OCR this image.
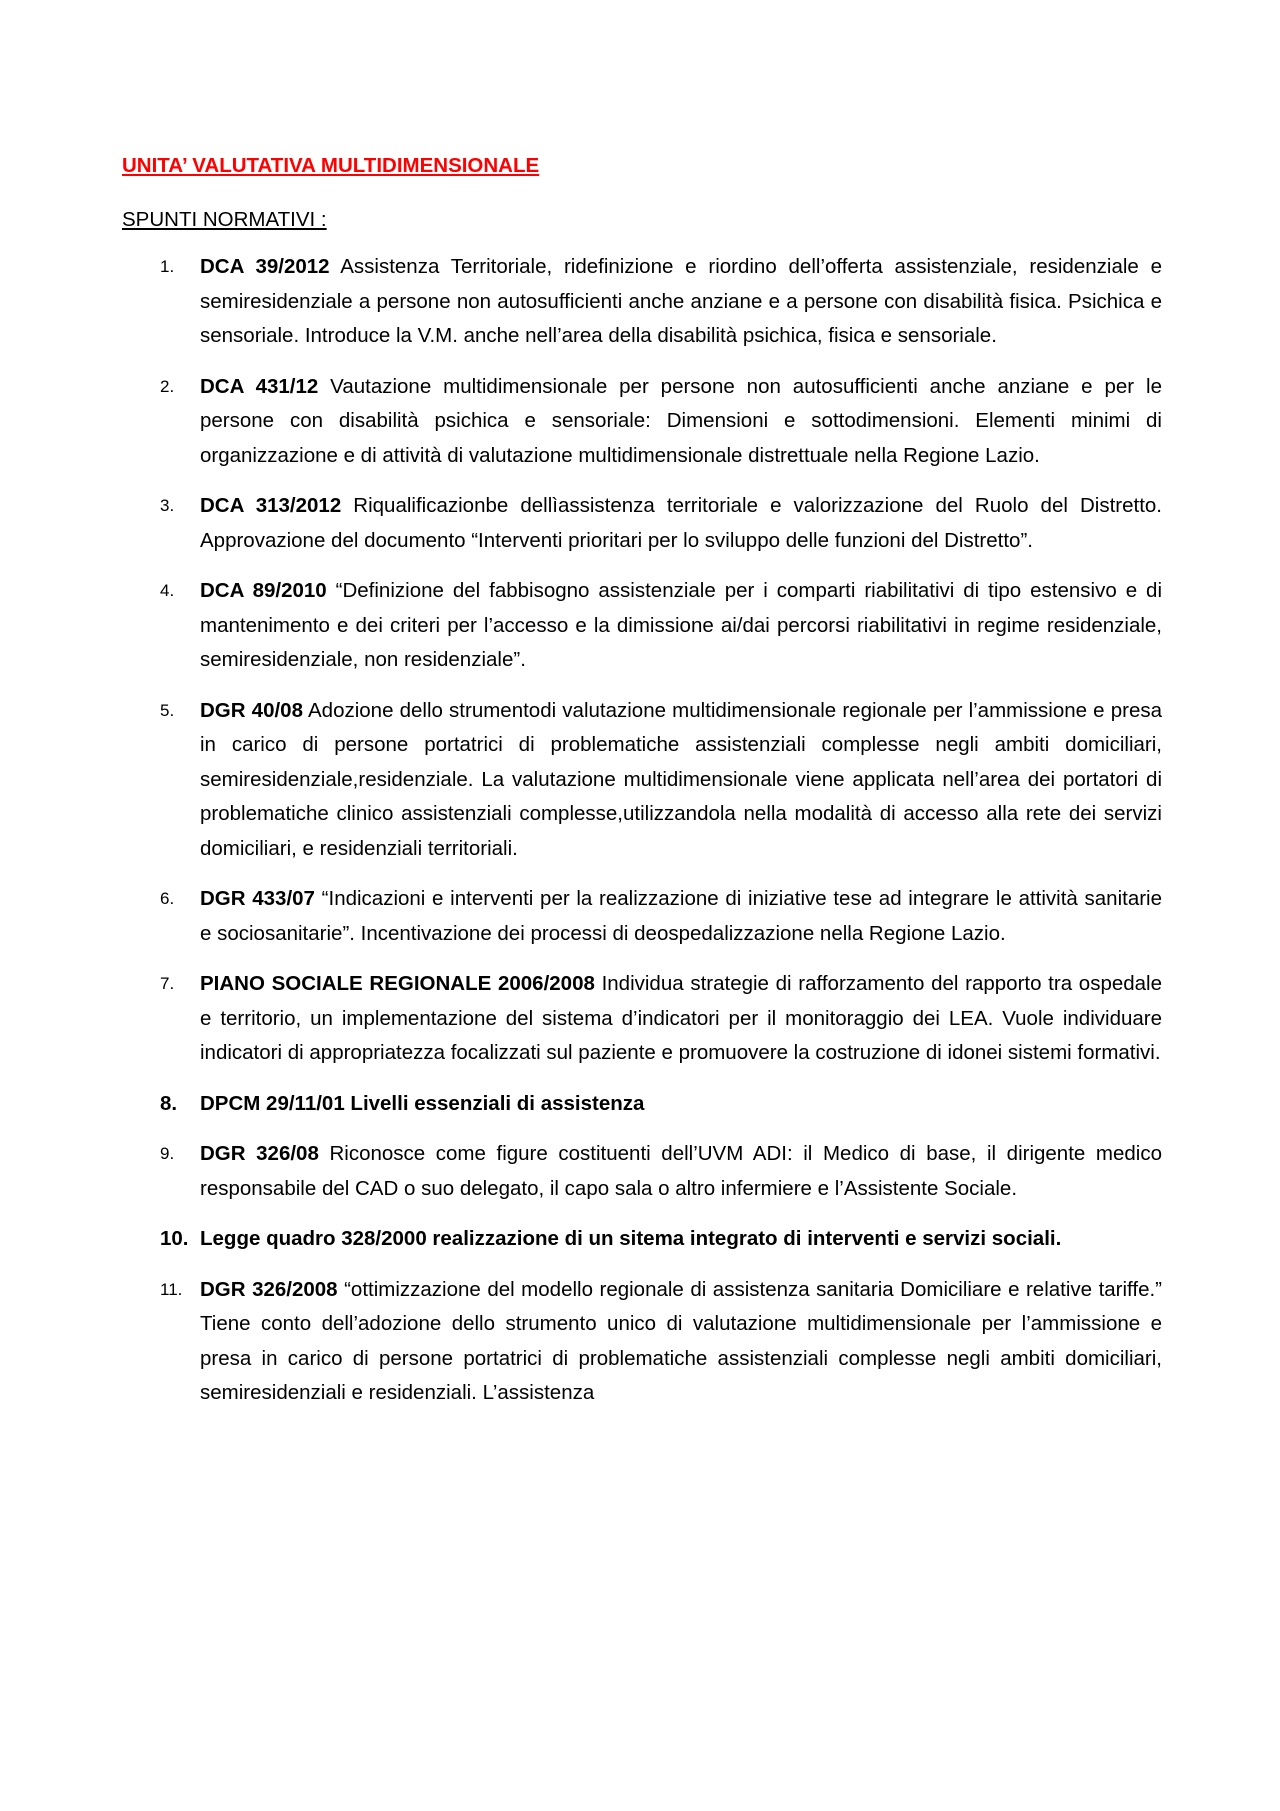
UNITA’ VALUTATIVA MULTIDIMENSIONALE
SPUNTI NORMATIVI :
1. DCA 39/2012 Assistenza Territoriale, ridefinizione e riordino dell’offerta assistenziale, residenziale e semiresidenziale a persone non autosufficienti anche anziane e a persone con disabilità fisica. Psichica e sensoriale. Introduce la V.M. anche nell’area della disabilità psichica, fisica e sensoriale.
2. DCA 431/12 Vautazione multidimensionale per persone non autosufficienti anche anziane e per le persone con disabilità psichica e sensoriale: Dimensioni e sottodimensioni. Elementi minimi di organizzazione e di attività di valutazione multidimensionale distrettuale nella Regione Lazio.
3. DCA 313/2012 Riqualificazionbe dellìassistenza territoriale e valorizzazione del Ruolo del Distretto. Approvazione del documento “Interventi prioritari per lo sviluppo delle funzioni del Distretto”.
4. DCA 89/2010 “Definizione del fabbisogno assistenziale per i comparti riabilitativi di tipo estensivo e di mantenimento e dei criteri per l’accesso e la dimissione ai/dai percorsi riabilitativi in regime residenziale, semiresidenziale, non residenziale”.
5. DGR 40/08 Adozione dello strumentodi valutazione multidimensionale regionale per l’ammissione e presa in carico di persone portatrici di problematiche assistenziali complesse negli ambiti domiciliari, semiresidenziale,residenziale. La valutazione multidimensionale viene applicata nell’area dei portatori di problematiche clinico assistenziali complesse,utilizzandola nella modalità di accesso alla rete dei servizi domiciliari, e residenziali territoriali.
6. DGR 433/07 “Indicazioni e interventi per la realizzazione di iniziative tese ad integrare le attività sanitarie e sociosanitarie”. Incentivazione dei processi di deospedalizzazione nella Regione Lazio.
7. PIANO SOCIALE REGIONALE 2006/2008 Individua strategie di rafforzamento del rapporto tra ospedale e territorio, un implementazione del sistema d’indicatori per il monitoraggio dei LEA. Vuole individuare indicatori di appropriatezza focalizzati sul paziente e promuovere la costruzione di idonei sistemi formativi.
8. DPCM 29/11/01 Livelli essenziali di assistenza
9. DGR 326/08 Riconosce come figure costituenti dell’UVM ADI: il Medico di base, il dirigente medico responsabile del CAD o suo delegato, il capo sala o altro infermiere e l’Assistente Sociale.
10. Legge quadro 328/2000 realizzazione di un sitema integrato di interventi e servizi sociali.
11. DGR 326/2008 “ottimizzazione del modello regionale di assistenza sanitaria Domiciliare e relative tariffe.” Tiene conto dell’adozione dello strumento unico di valutazione multidimensionale per l’ammissione e presa in carico di persone portatrici di problematiche assistenziali complesse negli ambiti domiciliari, semiresidenziali e residenziali. L’assistenza
